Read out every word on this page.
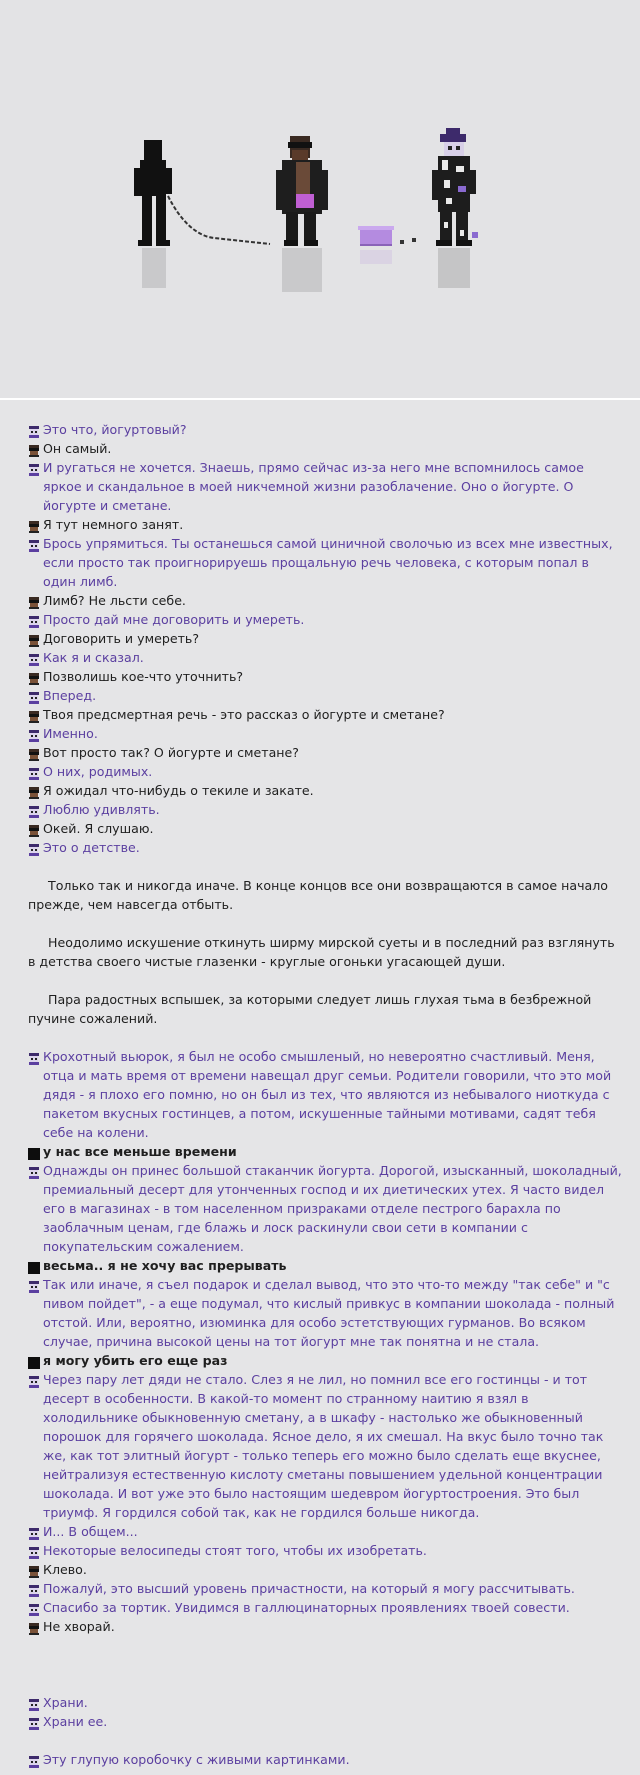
Это что, йогуртовый?
Он самый.
И ругаться не хочется. Знаешь, прямо сейчас из-за него мне вспомнилось самое яркое и скандальное в моей никчемной жизни разоблачение. Оно о йогурте. О йогурте и сметане.
Я тут немного занят.
Брось упрямиться. Ты останешься самой циничной сволочью из всех мне известных, если просто так проигнорируешь прощальную речь человека, с которым попал в один лимб.
Лимб? Не льсти себе.
Просто дай мне договорить и умереть.
Договорить и умереть?
Как я и сказал.
Позволишь кое-что уточнить?
Вперед.
Твоя предсмертная речь - это рассказ о йогурте и сметане?
Именно.
Вот просто так? О йогурте и сметане?
О них, родимых.
Я ожидал что-нибудь о текиле и закате.
Люблю удивлять.
Окей. Я слушаю.
Это о детстве.
Только так и никогда иначе. В конце концов все они возвращаются в самое начало прежде, чем навсегда отбыть.
Неодолимо искушение откинуть ширму мирской суеты и в последний раз взглянуть в детства своего чистые глазенки - круглые огоньки угасающей души.
Пара радостных вспышек, за которыми следует лишь глухая тьма в безбрежной пучине сожалений.
Крохотный вьюрок, я был не особо смышленый, но невероятно счастливый. Меня, отца и мать время от времени навещал друг семьи. Родители говорили, что это мой дядя - я плохо его помню, но он был из тех, что являются из небывалого ниоткуда с пакетом вкусных гостинцев, а потом, искушенные тайными мотивами, садят тебя себе на колени.
у нас все меньше времени
Однажды он принес большой стаканчик йогурта. Дорогой, изысканный, шоколадный, премиальный десерт для утонченных господ и их диетических утех. Я часто видел его в магазинах - в том населенном призраками отделе пестрого барахла по заоблачным ценам, где блажь и лоск раскинули свои сети в компании с покупательским сожалением.
весьма.. я не хочу вас прерывать
Так или иначе, я съел подарок и сделал вывод, что это что-то между "так себе" и "с пивом пойдет", - а еще подумал, что кислый привкус в компании шоколада - полный отстой. Или, вероятно, изюминка для особо эстетствующих гурманов. Во всяком случае, причина высокой цены на тот йогурт мне так понятна и не стала.
я могу убить его еще раз
Через пару лет дяди не стало. Слез я не лил, но помнил все его гостинцы - и тот десерт в особенности. В какой-то момент по странному наитию я взял в холодильнике обыкновенную сметану, а в шкафу - настолько же обыкновенный порошок для горячего шоколада. Ясное дело, я их смешал. На вкус было точно так же, как тот элитный йогурт - только теперь его можно было сделать еще вкуснее, нейтрализуя естественную кислоту сметаны повышением удельной концентрации шоколада. И вот уже это было настоящим шедевром йогуртостроения. Это был триумф. Я гордился собой так, как не гордился больше никогда.
И... В общем...
Некоторые велосипеды стоят того, чтобы их изобретать.
Клево.
Пожалуй, это высший уровень причастности, на который я могу рассчитывать.
Спасибо за тортик. Увидимся в галлюцинаторных проявлениях твоей совести.
Не хворай.
Храни.
Храни ее.
Эту глупую коробочку с живыми картинками.
